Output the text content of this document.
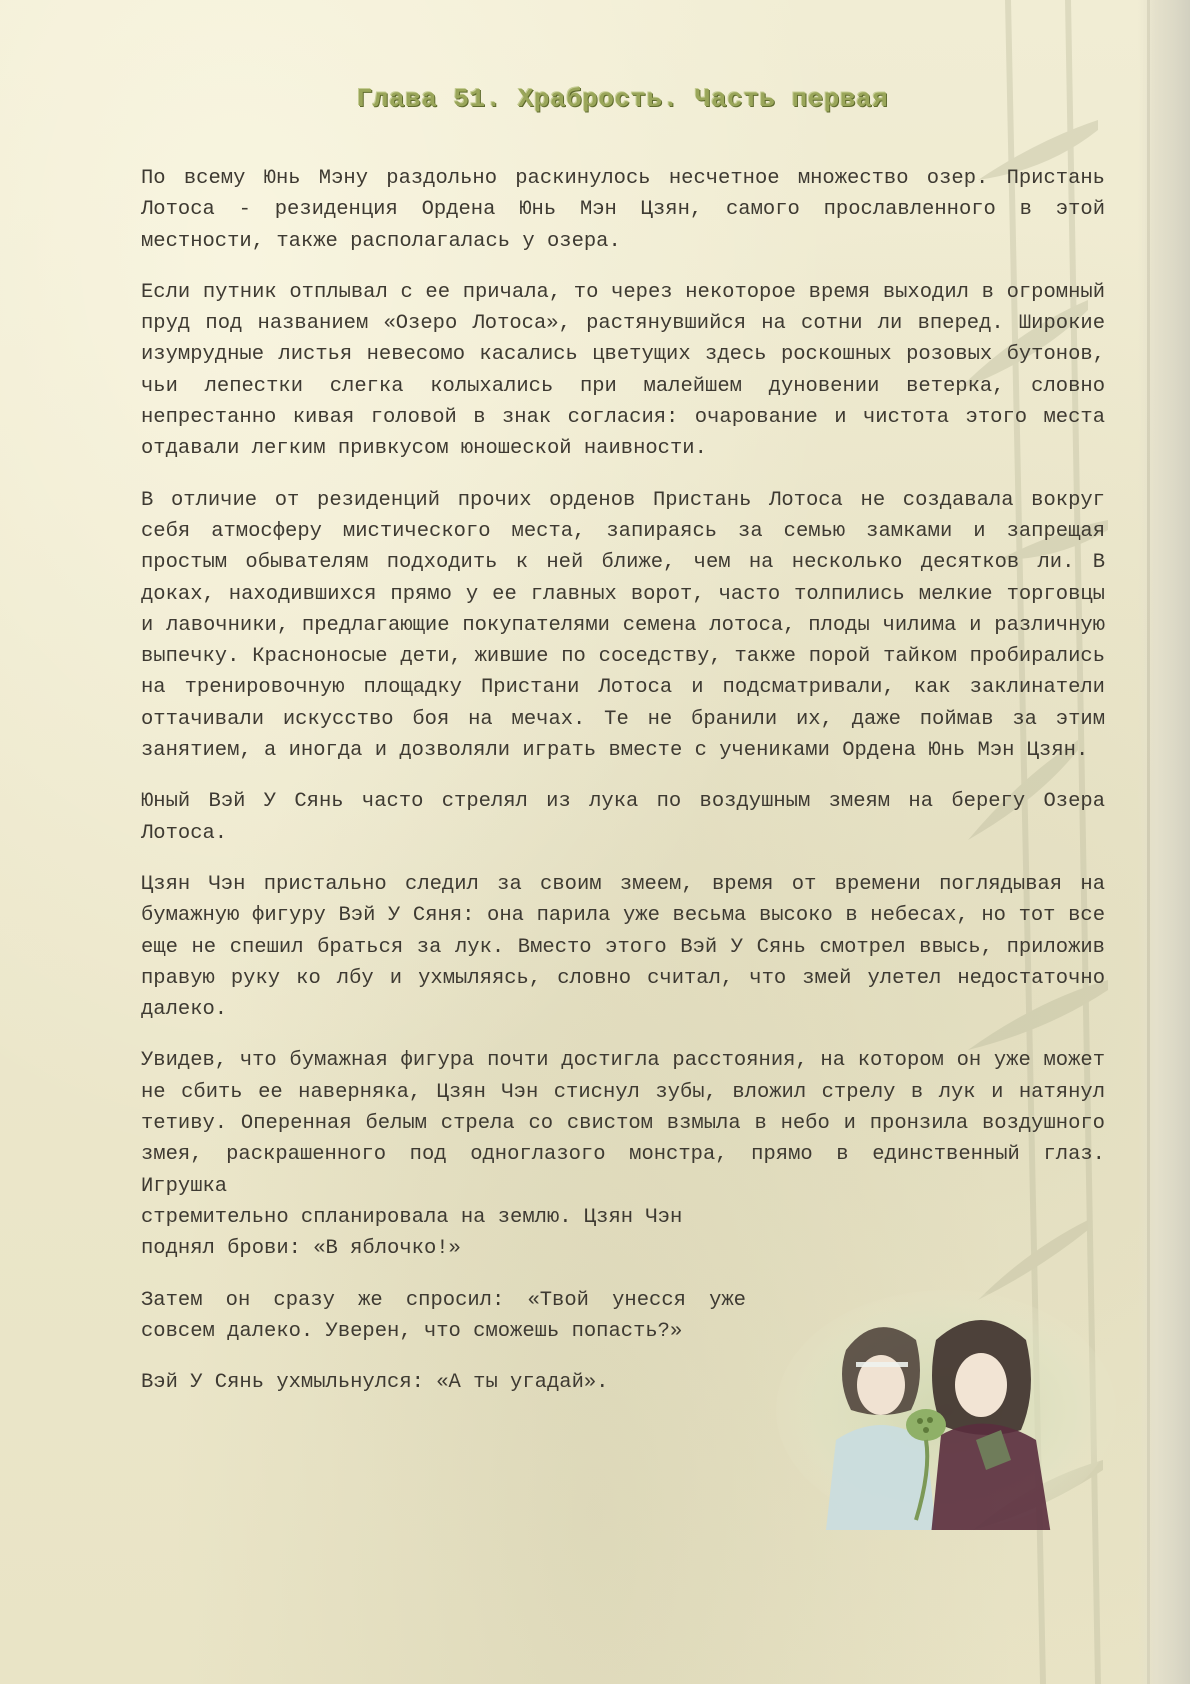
Глава 51. Храбрость. Часть первая

По всему Юнь Мэну раздольно раскинулось несчетное множество озер. Пристань Лотоса - резиденция Ордена Юнь Мэн Цзян, самого прославленного в этой местности, также располагалась у озера.

Если путник отплывал с ее причала, то через некоторое время выходил в огромный пруд под названием «Озеро Лотоса», растянувшийся на сотни ли вперед. Широкие изумрудные листья невесомо касались цветущих здесь роскошных розовых бутонов, чьи лепестки слегка колыхались при малейшем дуновении ветерка, словно непрестанно кивая головой в знак согласия: очарование и чистота этого места отдавали легким привкусом юношеской наивности.

В отличие от резиденций прочих орденов Пристань Лотоса не создавала вокруг себя атмосферу мистического места, запираясь за семью замками и запрещая простым обывателям подходить к ней ближе, чем на несколько десятков ли. В доках, находившихся прямо у ее главных ворот, часто толпились мелкие торговцы и лавочники, предлагающие покупателями семена лотоса, плоды чилима и различную выпечку. Красноносые дети, жившие по соседству, также порой тайком пробирались на тренировочную площадку Пристани Лотоса и подсматривали, как заклинатели оттачивали искусство боя на мечах. Те не бранили их, даже поймав за этим занятием, а иногда и дозволяли играть вместе с учениками Ордена Юнь Мэн Цзян.

Юный Вэй У Сянь часто стрелял из лука по воздушным змеям на берегу Озера Лотоса.

Цзян Чэн пристально следил за своим змеем, время от времени поглядывая на бумажную фигуру Вэй У Сяня: она парила уже весьма высоко в небесах, но тот все еще не спешил браться за лук. Вместо этого Вэй У Сянь смотрел ввысь, приложив правую руку ко лбу и ухмыляясь, словно считал, что змей улетел недостаточно далеко.

Увидев, что бумажная фигура почти достигла расстояния, на котором он уже может не сбить ее наверняка, Цзян Чэн стиснул зубы, вложил стрелу в лук и натянул тетиву. Оперенная белым стрела со свистом взмыла в небо и пронзила воздушного змея, раскрашенного под одноглазого монстра, прямо в единственный глаз. Игрушка

стремительно спланировала на землю. Цзян Чэн поднял брови: «В яблочко!»

Затем он сразу же спросил: «Твой унесся уже совсем далеко. Уверен, что сможешь попасть?»

Вэй У Сянь ухмыльнулся: «А ты угадай».
